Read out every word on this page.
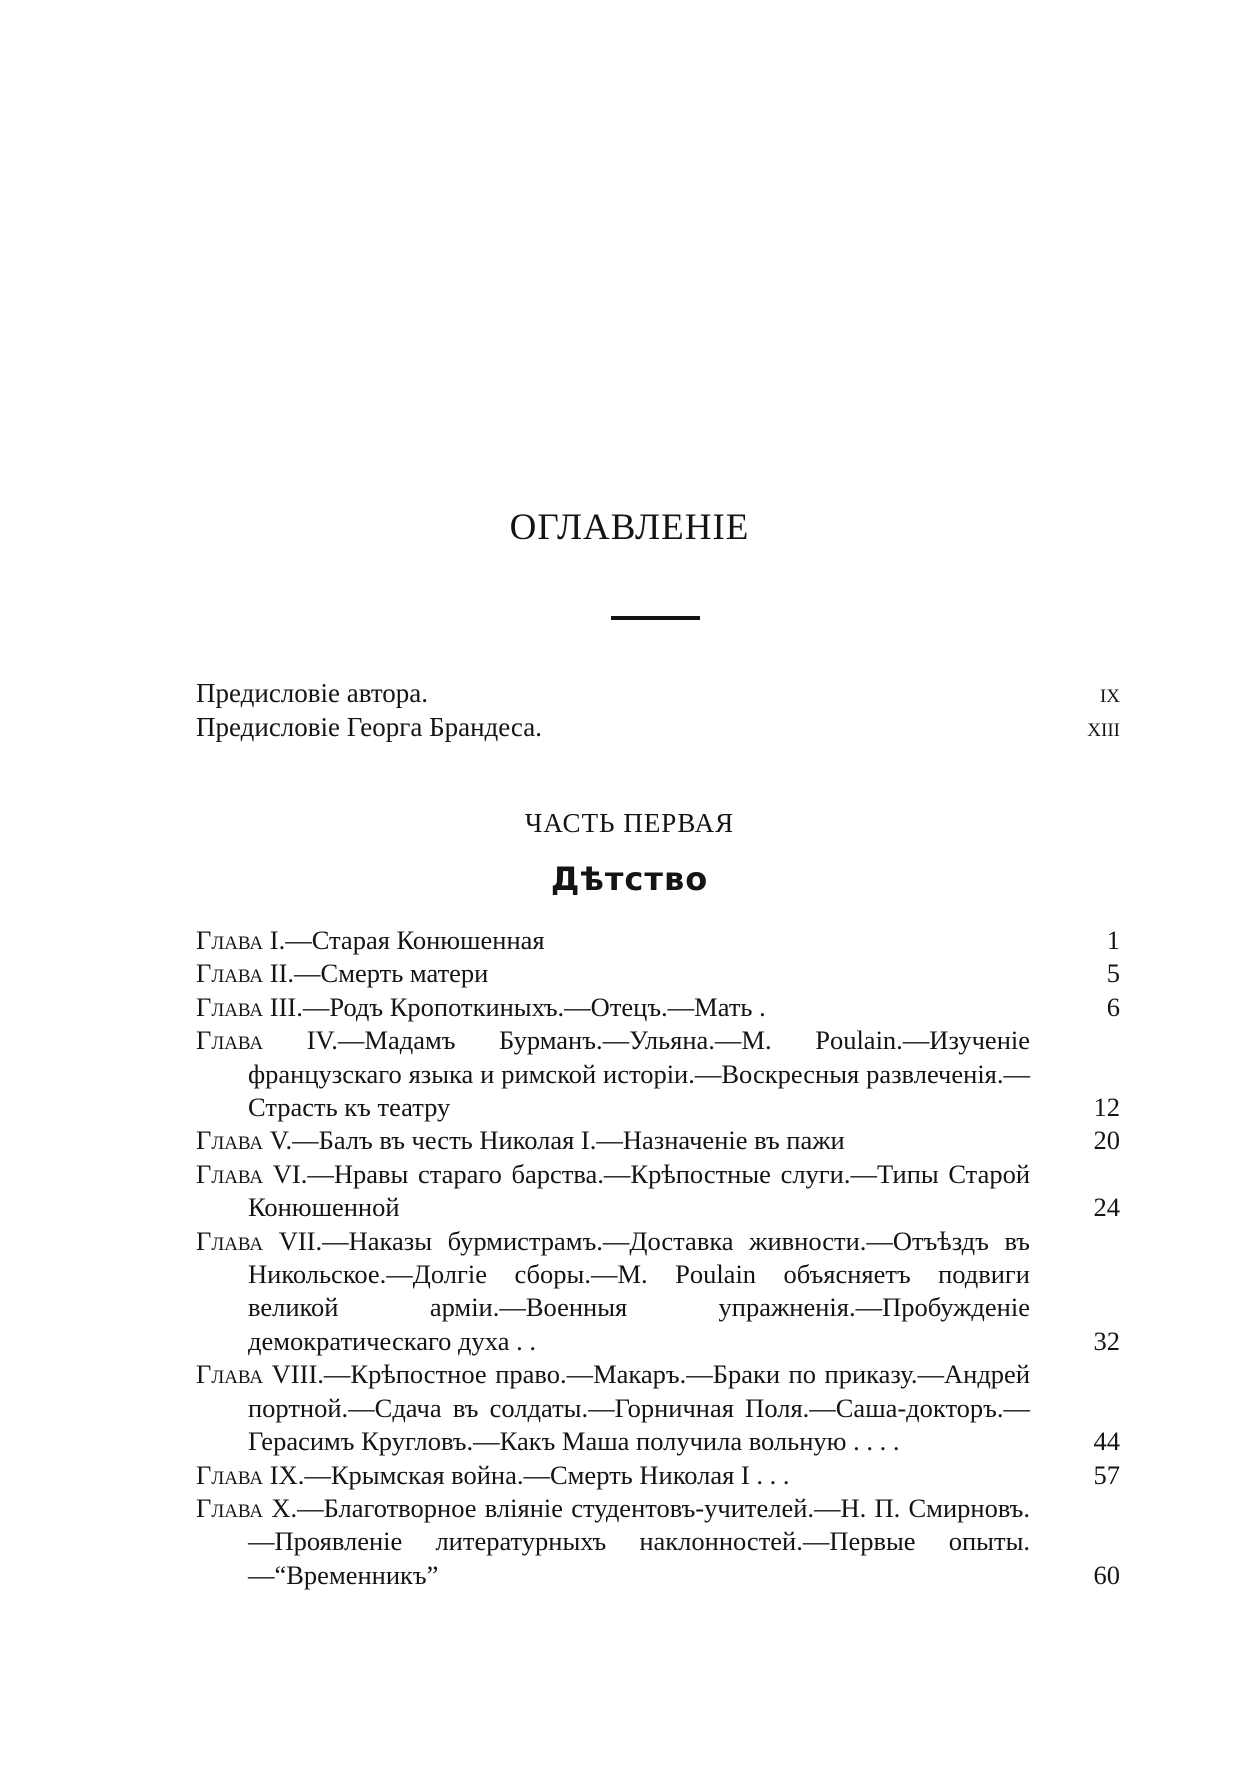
ОГЛАВЛЕНІЕ
Предисловіе автора.	ix
Предисловіе Георга Брандеса.	xiii
ЧАСТЬ ПЕРВАЯ
Дѣтство
Глава I.—Старая Конюшенная	1
Глава II.—Смерть матери	5
Глава III.—Родъ Кропоткиныхъ.—Отецъ.—Мать .	6
Глава IV.—Мадамъ Бурманъ.—Ульяна.—M. Poulain.—Изученіе французскаго языка и римской исторіи.—Воскресныя развлеченія.—Страсть къ театру	12
Глава V.—Балъ въ честь Николая I.—Назначеніе въ пажи	20
Глава VI.—Нравы стараго барства.—Крѣпостные слуги.—Типы Старой Конюшенной	24
Глава VII.—Наказы бурмистрамъ.—Доставка живности.—Отъѣздъ въ Никольское.—Долгіе сборы.—M. Poulain объясняетъ подвиги великой арміи.—Военныя упражненія.—Пробужденіе демократическаго духа . .	32
Глава VIII.—Крѣпостное право.—Макаръ.—Браки по приказу.—Андрей портной.—Сдача въ солдаты.—Горничная Поля.—Саша-докторъ.—Герасимъ Кругловъ.—Какъ Маша получила вольную . . . .	44
Глава IX.—Крымская война.—Смерть Николая I . . .	57
Глава X.—Благотворное вліяніе студентовъ-учителей.—Н. П. Смирновъ.—Проявленіе литературныхъ наклонностей.—Первые опыты.—“Временникъ”	60
